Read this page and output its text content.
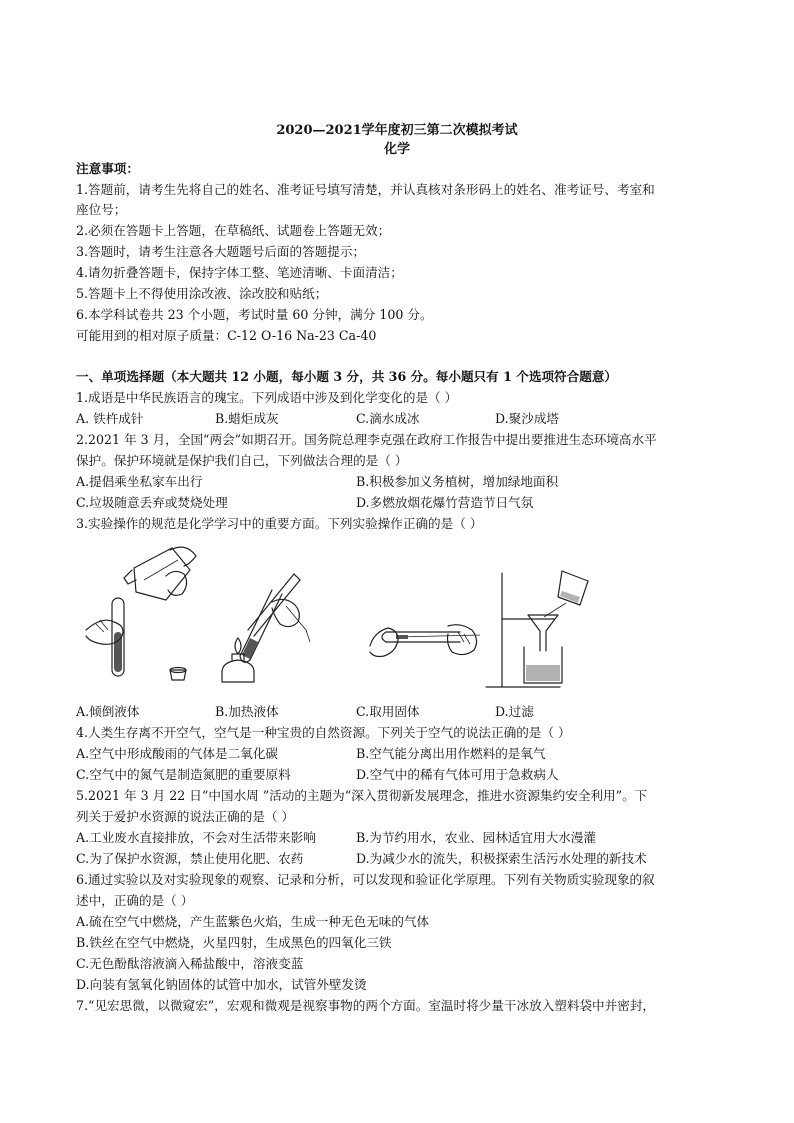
2020—2021学年度初三第二次模拟考试
化学
注意事项：
1.答题前，请考生先将自己的姓名、准考证号填写清楚，并认真核对条形码上的姓名、准考证号、考室和
座位号；
2.必须在答题卡上答题，在草稿纸、试题卷上答题无效；
3.答题时，请考生注意各大题题号后面的答题提示；
4.请勿折叠答题卡，保持字体工整、笔迹清晰、卡面清洁；
5.答题卡上不得使用涂改液、涂改胶和贴纸；
6.本学科试卷共 23 个小题，考试时量 60 分钟，满分 100 分。
可能用到的相对原子质量：C-12 O-16 Na-23 Ca-40
一、单项选择题（本大题共 12 小题，每小题 3 分，共 36 分。每小题只有 1 个选项符合题意）
1.成语是中华民族语言的瑰宝。下列成语中涉及到化学变化的是（ ）
A. 铁杵成针	B.蜡炬成灰	C.滴水成冰	D.聚沙成塔
2.2021 年 3 月，全国“两会”如期召开。国务院总理李克强在政府工作报告中提出要推进生态环境高水平
保护。保护环境就是保护我们自己，下列做法合理的是（ ）
A.提倡乘坐私家车出行	B.积极参加义务植树，增加绿地面积
C.垃圾随意丢弃或焚烧处理	D.多燃放烟花爆竹营造节日气氛
3.实验操作的规范是化学学习中的重要方面。下列实验操作正确的是（ ）
A.倾倒液体	B.加热液体	C.取用固体	D.过滤
4.人类生存离不开空气，空气是一种宝贵的自然资源。下列关于空气的说法正确的是（ ）
A.空气中形成酸雨的气体是二氧化碳	B.空气能分离出用作燃料的是氧气
C.空气中的氮气是制造氮肥的重要原料	D.空气中的稀有气体可用于急救病人
5.2021 年 3 月 22 日“中国水周 ”活动的主题为“深入贯彻新发展理念，推进水资源集约安全利用”。下
列关于爱护水资源的说法正确的是（ ）
A.工业废水直接排放，不会对生活带来影响	B.为节约用水，农业、园林适宜用大水漫灌
C.为了保护水资源，禁止使用化肥、农药	D.为减少水的流失，积极探索生活污水处理的新技术
6.通过实验以及对实验现象的观察、记录和分析，可以发现和验证化学原理。下列有关物质实验现象的叙
述中，正确的是（ ）
A.硫在空气中燃烧，产生蓝紫色火焰，生成一种无色无味的气体
B.铁丝在空气中燃烧，火星四射，生成黑色的四氧化三铁
C.无色酚酞溶液滴入稀盐酸中，溶液变蓝
D.向装有氢氧化钠固体的试管中加水，试管外壁发烫
7.“见宏思微，以微窥宏”，宏观和微观是视察事物的两个方面。室温时将少量干冰放入塑料袋中并密封，
